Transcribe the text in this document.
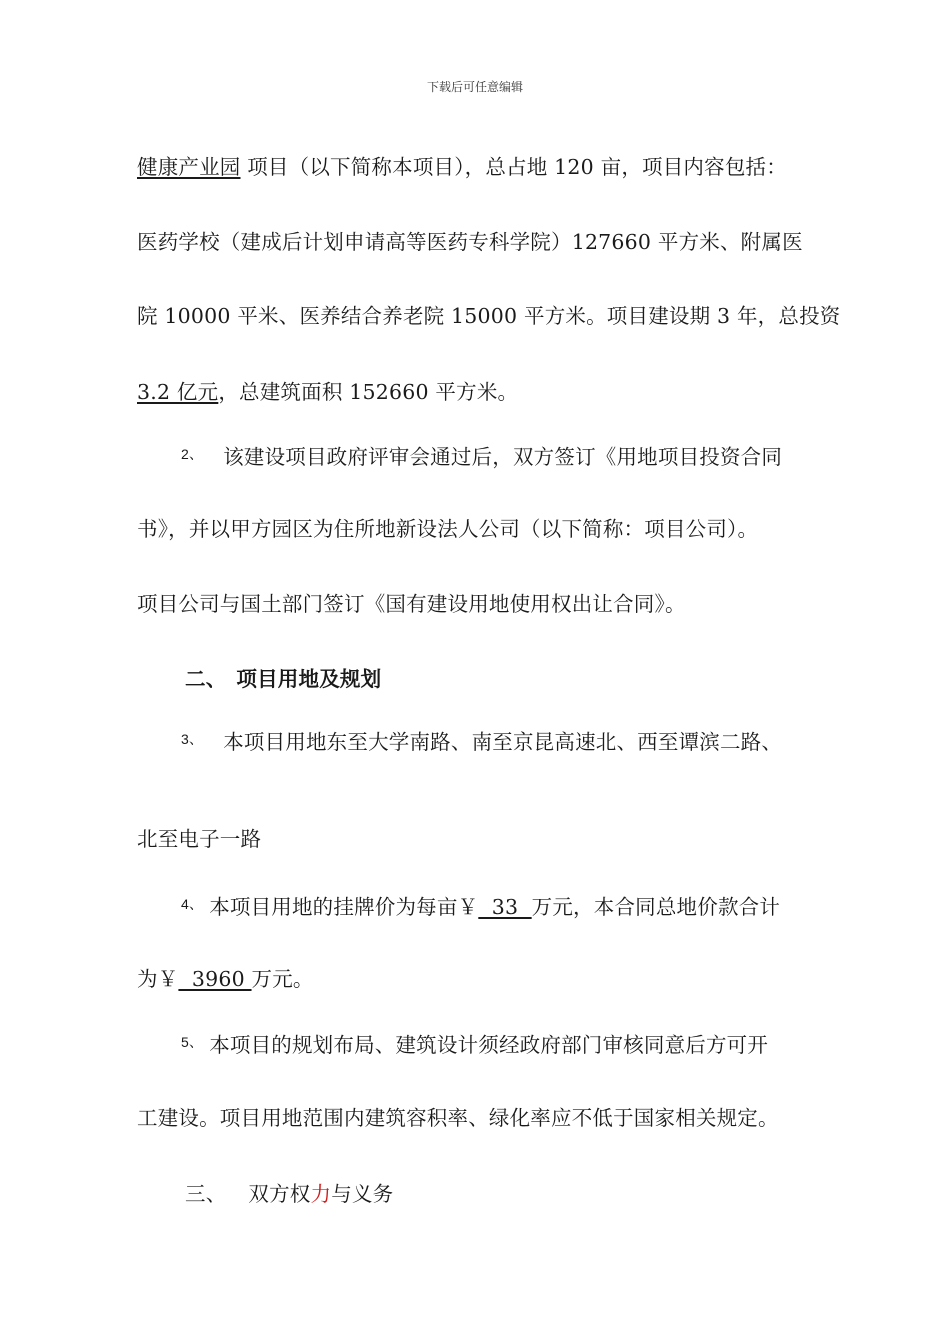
下载后可任意编辑
健康产业园 项目（以下简称本项目），总占地 120 亩，项目内容包括：
医药学校（建成后计划申请高等医药专科学院）127660 平方米、附属医
院 10000 平米、医养结合养老院 15000 平方米。项目建设期 3 年，总投资
3.2 亿元，总建筑面积 152660 平方米。
$^{2、}$ 该建设项目政府评审会通过后，双方签订《用地项目投资合同
书》，并以甲方园区为住所地新设法人公司（以下简称：项目公司）。
项目公司与国土部门签订《国有建设用地使用权出让合同》。
二、 项目用地及规划
$^{3、}$ 本项目用地东至大学南路、南至京昆高速北、西至谭滨二路、
北至电子一路
$^{4、}$ 本项目用地的挂牌价为每亩￥  33  万元，本合同总地价款合计
为￥  3960 万元。
$^{5、}$ 本项目的规划布局、建筑设计须经政府部门审核同意后方可开
工建设。项目用地范围内建筑容积率、绿化率应不低于国家相关规定。
三、 双方权力与义务
